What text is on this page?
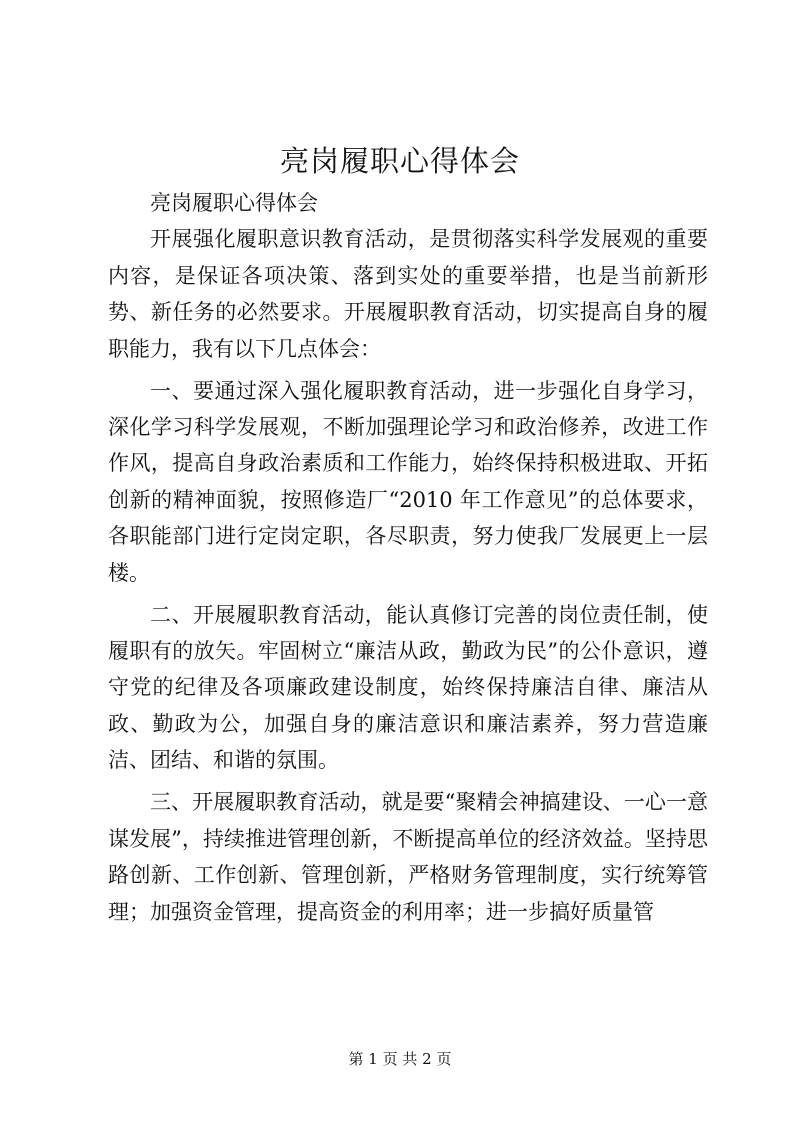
亮岗履职心得体会

亮岗履职心得体会

开展强化履职意识教育活动，是贯彻落实科学发展观的重要内容，是保证各项决策、落到实处的重要举措，也是当前新形势、新任务的必然要求。开展履职教育活动，切实提高自身的履职能力，我有以下几点体会：

一、要通过深入强化履职教育活动，进一步强化自身学习，深化学习科学发展观，不断加强理论学习和政治修养，改进工作作风，提高自身政治素质和工作能力，始终保持积极进取、开拓创新的精神面貌，按照修造厂“2010 年工作意见”的总体要求，各职能部门进行定岗定职，各尽职责，努力使我厂发展更上一层楼。

二、开展履职教育活动，能认真修订完善的岗位责任制，使履职有的放矢。牢固树立“廉洁从政，勤政为民”的公仆意识，遵守党的纪律及各项廉政建设制度，始终保持廉洁自律、廉洁从政、勤政为公，加强自身的廉洁意识和廉洁素养，努力营造廉洁、团结、和谐的氛围。

三、开展履职教育活动，就是要“聚精会神搞建设、一心一意谋发展”，持续推进管理创新，不断提高单位的经济效益。坚持思路创新、工作创新、管理创新，严格财务管理制度，实行统筹管理；加强资金管理，提高资金的利用率；进一步搞好质量管

第 1 页 共 2 页
